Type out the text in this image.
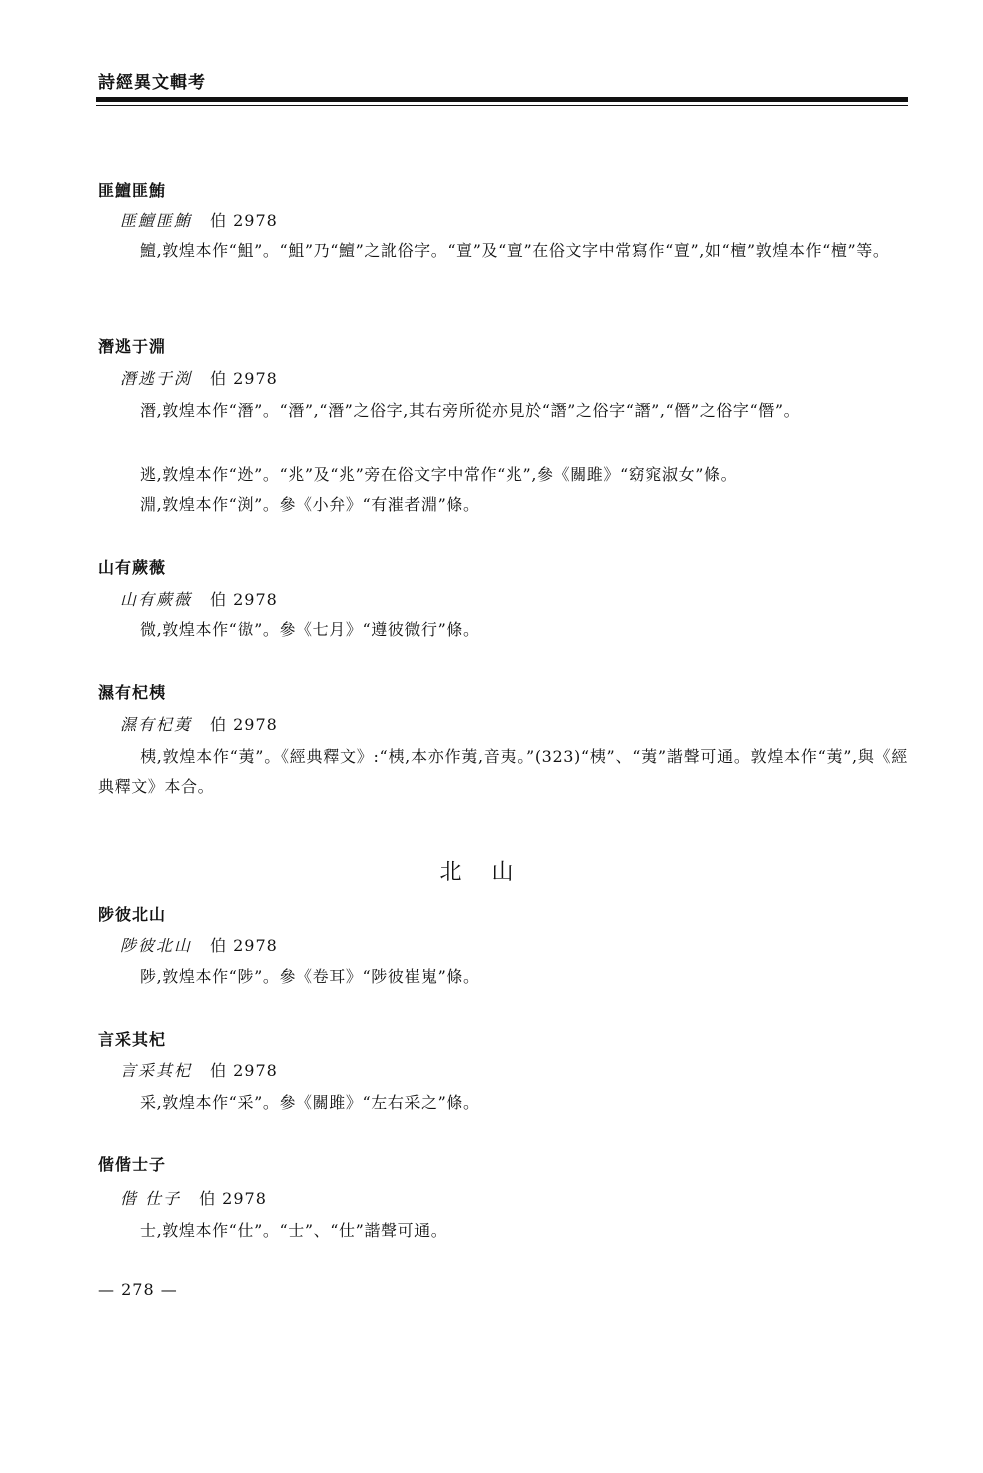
詩經異文輯考
匪鱣匪鮪
匪鱣匪鮪 伯 2978
鱣,敦煌本作“䱉”。“䱉”乃“鱣”之訛俗字。“亶”及“亶”在俗文字中常寫作“亶”,如“檀”敦煌本作“檀”等。
潛逃于淵
潛逃于渕 伯 2978
潛,敦煌本作“潛”。“潛”,“潛”之俗字,其右旁所從亦見於“譖”之俗字“譖”,“僭”之俗字“僭”。
逃,敦煌本作“迯”。“兆”及“兆”旁在俗文字中常作“兆”,參《關雎》“窈窕淑女”條。
淵,敦煌本作“渕”。參《小弁》“有漼者淵”條。
山有蕨薇
山有蕨薇 伯 2978
微,敦煌本作“𢕟”。參《七月》“遵彼微行”條。
濕有杞桋
濕有杞荑 伯 2978
桋,敦煌本作“荑”。《經典釋文》:“桋,本亦作荑,音夷。”(323)“桋”、“荑”諧聲可通。敦煌本作“荑”,與《經典釋文》本合。
北山
陟彼北山
陟彼北山 伯 2978
陟,敦煌本作“陟”。參《卷耳》“陟彼崔嵬”條。
言采其杞
言采其杞 伯 2978
采,敦煌本作“采”。參《關雎》“左右采之”條。
偕偕士子
偕 仕子 伯 2978
士,敦煌本作“仕”。“士”、“仕”諧聲可通。
— 278 —
